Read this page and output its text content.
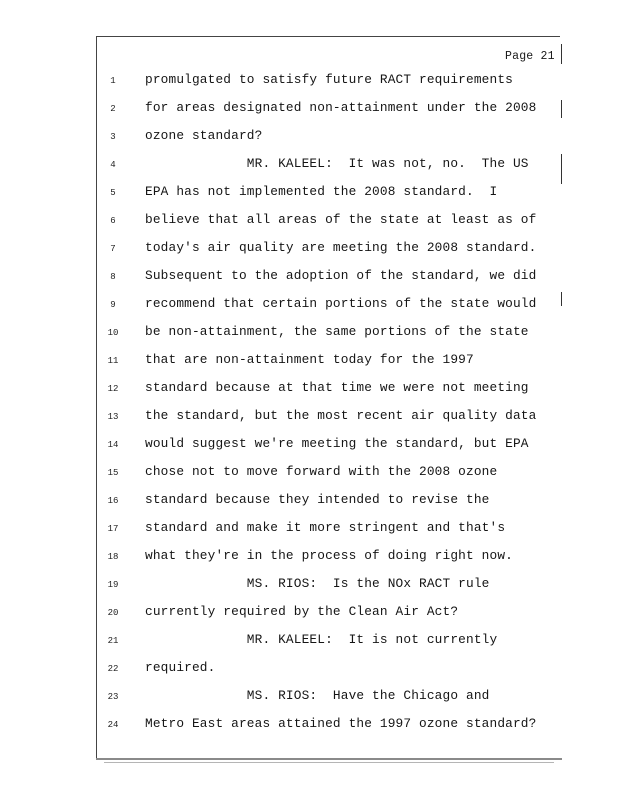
Page 21
1	promulgated to satisfy future RACT requirements
2	for areas designated non-attainment under the 2008
3	ozone standard?
4	MR. KALEEL:  It was not, no.  The US
5	EPA has not implemented the 2008 standard.  I
6	believe that all areas of the state at least as of
7	today's air quality are meeting the 2008 standard.
8	Subsequent to the adoption of the standard, we did
9	recommend that certain portions of the state would
10	be non-attainment, the same portions of the state
11	that are non-attainment today for the 1997
12	standard because at that time we were not meeting
13	the standard, but the most recent air quality data
14	would suggest we're meeting the standard, but EPA
15	chose not to move forward with the 2008 ozone
16	standard because they intended to revise the
17	standard and make it more stringent and that's
18	what they're in the process of doing right now.
19	MS. RIOS:  Is the NOx RACT rule
20	currently required by the Clean Air Act?
21	MR. KALEEL:  It is not currently
22	required.
23	MS. RIOS:  Have the Chicago and
24	Metro East areas attained the 1997 ozone standard?
